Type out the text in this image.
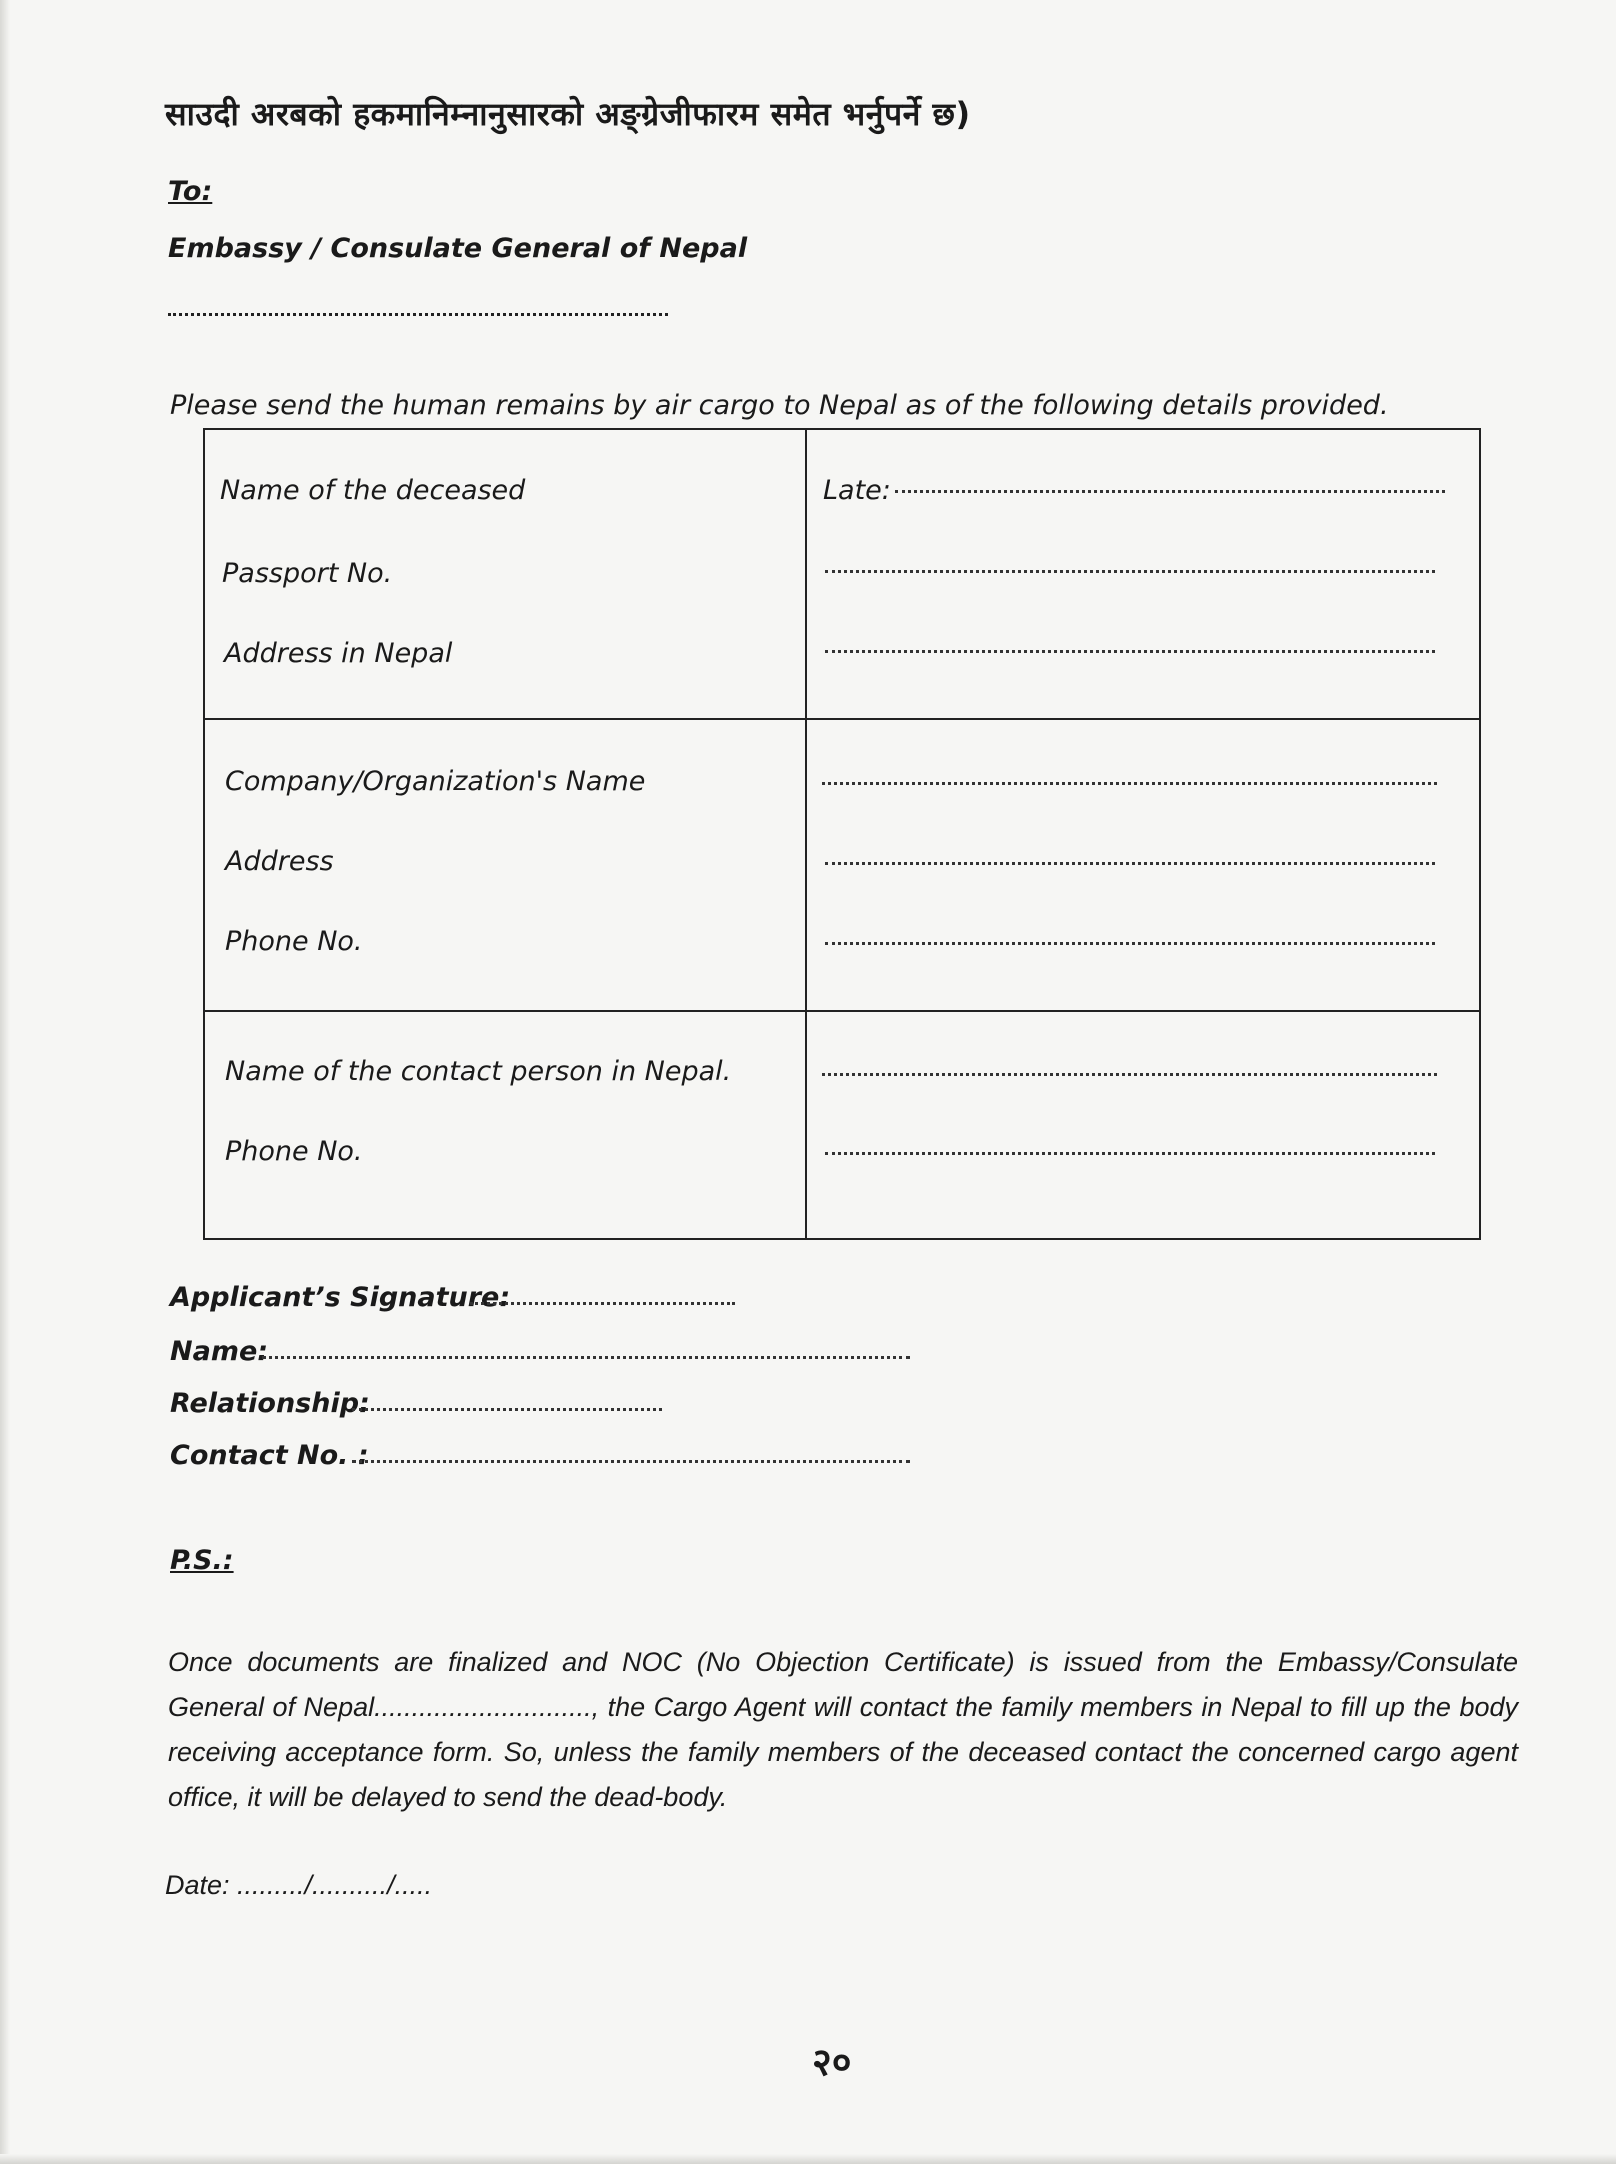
साउदी अरबको हकमानिम्नानुसारको अङ्ग्रेजीफारम समेत भर्नुपर्ने छ)
To:
Embassy / Consulate General of Nepal
Please send the human remains by air cargo to Nepal as of the following details provided.
Name of the deceased	Late:
Passport No.
Address in Nepal
Company/Organization's Name
Address
Phone No.
Name of the contact person in Nepal.
Phone No.
Applicant’s Signature:
Name:
Relationship:
Contact No. :
P.S.:
Once documents are finalized and NOC (No Objection Certificate) is issued from the Embassy/Consulate General of Nepal............................., the Cargo Agent will contact the family members in Nepal to fill up the body receiving acceptance form. So, unless the family members of the deceased contact the concerned cargo agent office, it will be delayed to send the dead-body.
Date: ........./........../.....
२०
